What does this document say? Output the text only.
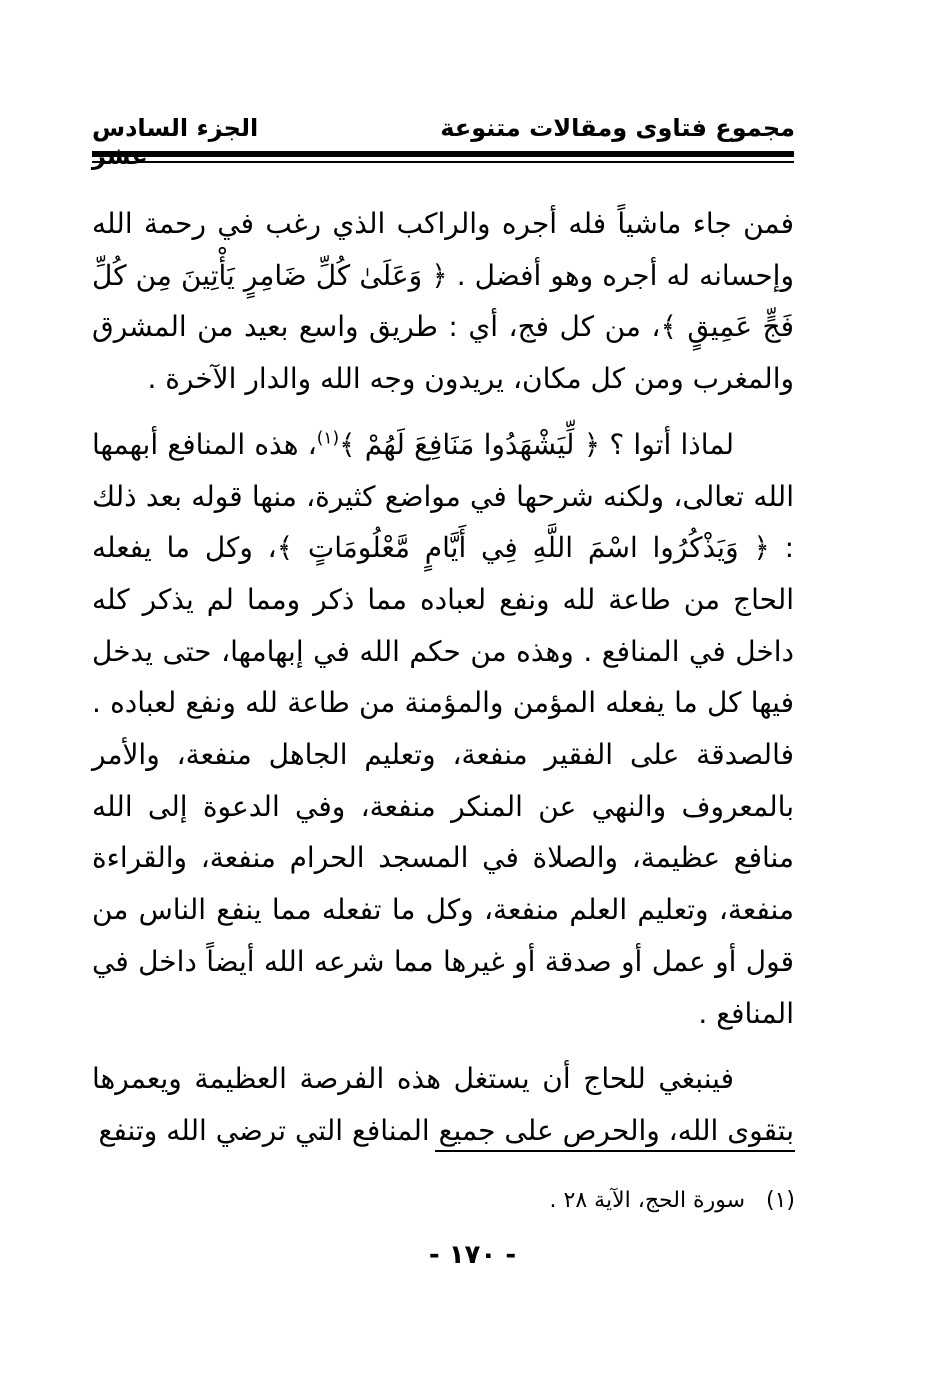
مجموع فتاوى ومقالات متنوعة
الجزء السادس

فمن جاء ماشياً فله أجره والراكب الذي رغب في رحمة الله وإحسانه له أجره وهو أفضل . ﴿ وَعَلَىٰ كُلِّ ضَامِرٍ يَأْتِينَ مِن كُلِّ فَجٍّ عَمِيقٍ ﴾، من كل فج، أي : طريق واسع بعيد من المشرق والمغرب ومن كل مكان، يريدون وجه الله والدار الآخرة .

لماذا أتوا ؟ ﴿ لِّيَشْهَدُوا مَنَافِعَ لَهُمْ ﴾$^{(١)}$، هذه المنافع أبهمها الله تعالى، ولكنه شرحها في مواضع كثيرة، منها قوله بعد ذلك : ﴿ وَيَذْكُرُوا اسْمَ اللَّهِ فِي أَيَّامٍ مَّعْلُومَاتٍ ﴾، وكل ما يفعله الحاج من طاعة لله ونفع لعباده مما ذكر ومما لم يذكر كله داخل في المنافع . وهذه من حكم الله في إبهامها، حتى يدخل فيها كل ما يفعله المؤمن والمؤمنة من طاعة لله ونفع لعباده . فالصدقة على الفقير منفعة، وتعليم الجاهل منفعة، والأمر بالمعروف والنهي عن المنكر منفعة، وفي الدعوة إلى الله منافع عظيمة، والصلاة في المسجد الحرام منفعة، والقراءة منفعة، وتعليم العلم منفعة، وكل ما تفعله مما ينفع الناس من قول أو عمل أو صدقة أو غيرها مما شرعه الله أيضاً داخل في المنافع .

فينبغي للحاج أن يستغل هذه الفرصة العظيمة ويعمرها بتقوى الله، والحرص على جميع المنافع التي ترضي الله وتنفع

(١)   سورة الحج، الآية ٢٨ .
- ١٧٠ -
